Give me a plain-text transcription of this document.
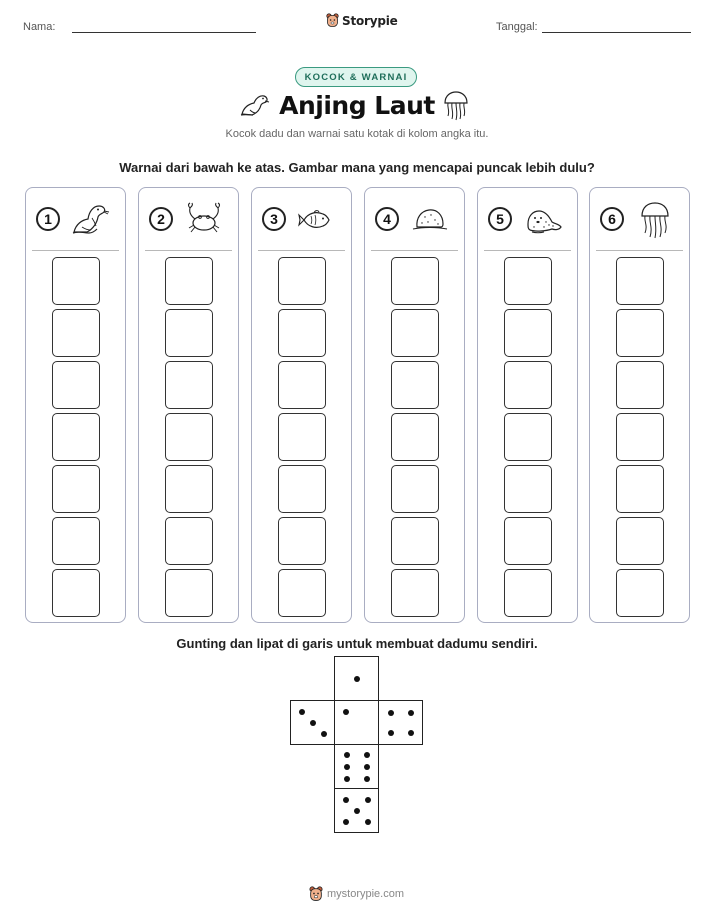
Nama:	Storypie	Tanggal:
KOCOK & WARNAI
Anjing Laut
Kocok dadu dan warnai satu kotak di kolom angka itu.
Warnai dari bawah ke atas. Gambar mana yang mencapai puncak lebih dulu?
1	2	3	4	5	6
Gunting dan lipat di garis untuk membuat dadumu sendiri.
mystorypie.com
